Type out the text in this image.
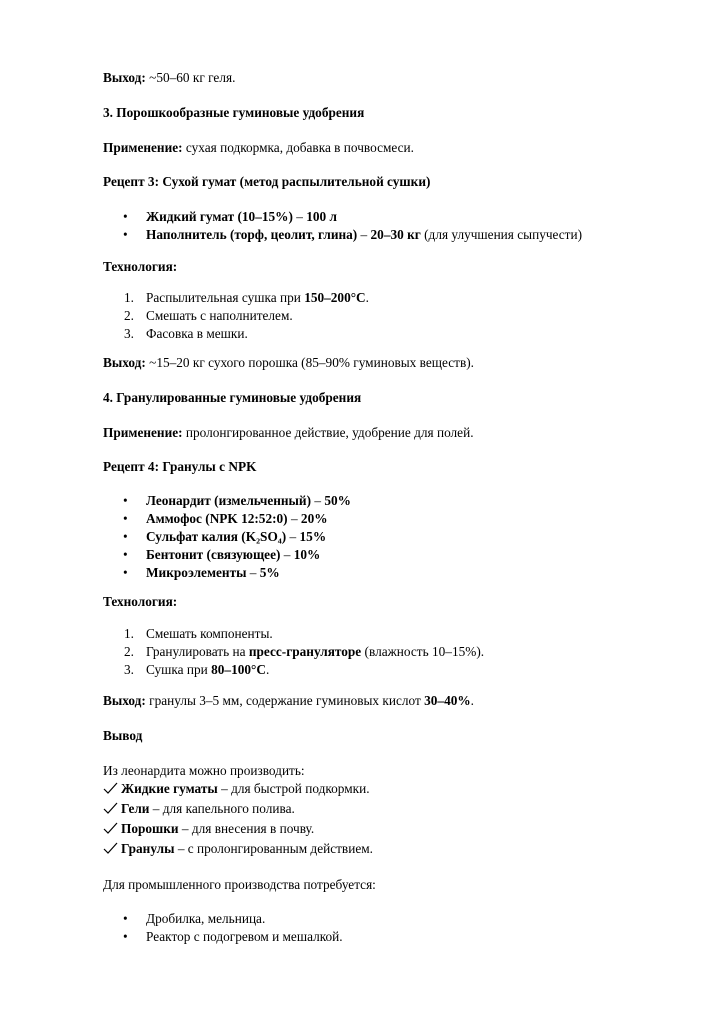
Выход: ~50–60 кг геля.

3. Порошкообразные гуминовые удобрения

Применение: сухая подкормка, добавка в почвосмеси.

Рецепт 3: Сухой гумат (метод распылительной сушки)

• Жидкий гумат (10–15%) – 100 л
• Наполнитель (торф, цеолит, глина) – 20–30 кг (для улучшения сыпучести)

Технология:

1. Распылительная сушка при 150–200°C.
2. Смешать с наполнителем.
3. Фасовка в мешки.

Выход: ~15–20 кг сухого порошка (85–90% гуминовых веществ).

4. Гранулированные гуминовые удобрения

Применение: пролонгированное действие, удобрение для полей.

Рецепт 4: Гранулы с NPK

• Леонардит (измельченный) – 50%
• Аммофос (NPK 12:52:0) – 20%
• Сульфат калия (K₂SO₄) – 15%
• Бентонит (связующее) – 10%
• Микроэлементы – 5%

Технология:

1. Смешать компоненты.
2. Гранулировать на пресс-грануляторе (влажность 10–15%).
3. Сушка при 80–100°C.

Выход: гранулы 3–5 мм, содержание гуминовых кислот 30–40%.

Вывод

Из леонардита можно производить:

Жидкие гуматы – для быстрой подкормки.
Гели – для капельного полива.
Порошки – для внесения в почву.
Гранулы – с пролонгированным действием.

Для промышленного производства потребуется:

• Дробилка, мельница.
• Реактор с подогревом и мешалкой.
